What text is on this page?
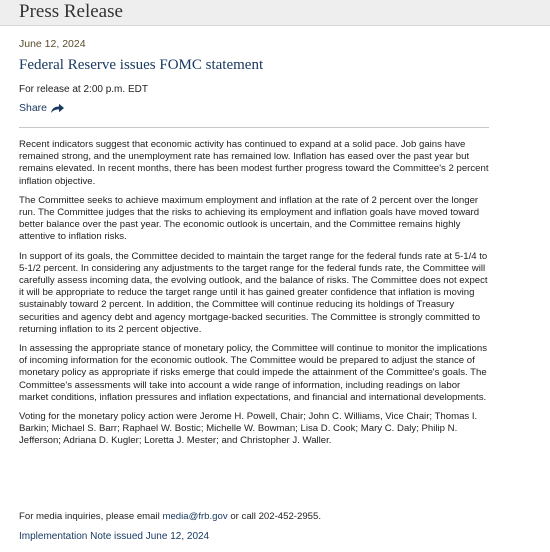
Press Release
June 12, 2024
Federal Reserve issues FOMC statement
For release at 2:00 p.m. EDT
Share

Recent indicators suggest that economic activity has continued to expand at a solid pace. Job gains have remained strong, and the unemployment rate has remained low. Inflation has eased over the past year but remains elevated. In recent months, there has been modest further progress toward the Committee's 2 percent inflation objective.

The Committee seeks to achieve maximum employment and inflation at the rate of 2 percent over the longer run. The Committee judges that the risks to achieving its employment and inflation goals have moved toward better balance over the past year. The economic outlook is uncertain, and the Committee remains highly attentive to inflation risks.

In support of its goals, the Committee decided to maintain the target range for the federal funds rate at 5-1/4 to 5-1/2 percent. In considering any adjustments to the target range for the federal funds rate, the Committee will carefully assess incoming data, the evolving outlook, and the balance of risks. The Committee does not expect it will be appropriate to reduce the target range until it has gained greater confidence that inflation is moving sustainably toward 2 percent. In addition, the Committee will continue reducing its holdings of Treasury securities and agency debt and agency mortgage-backed securities. The Committee is strongly committed to returning inflation to its 2 percent objective.

In assessing the appropriate stance of monetary policy, the Committee will continue to monitor the implications of incoming information for the economic outlook. The Committee would be prepared to adjust the stance of monetary policy as appropriate if risks emerge that could impede the attainment of the Committee's goals. The Committee's assessments will take into account a wide range of information, including readings on labor market conditions, inflation pressures and inflation expectations, and financial and international developments.

Voting for the monetary policy action were Jerome H. Powell, Chair; John C. Williams, Vice Chair; Thomas I. Barkin; Michael S. Barr; Raphael W. Bostic; Michelle W. Bowman; Lisa D. Cook; Mary C. Daly; Philip N. Jefferson; Adriana D. Kugler; Loretta J. Mester; and Christopher J. Waller.

For media inquiries, please email media@frb.gov or call 202-452-2955.
Implementation Note issued June 12, 2024
